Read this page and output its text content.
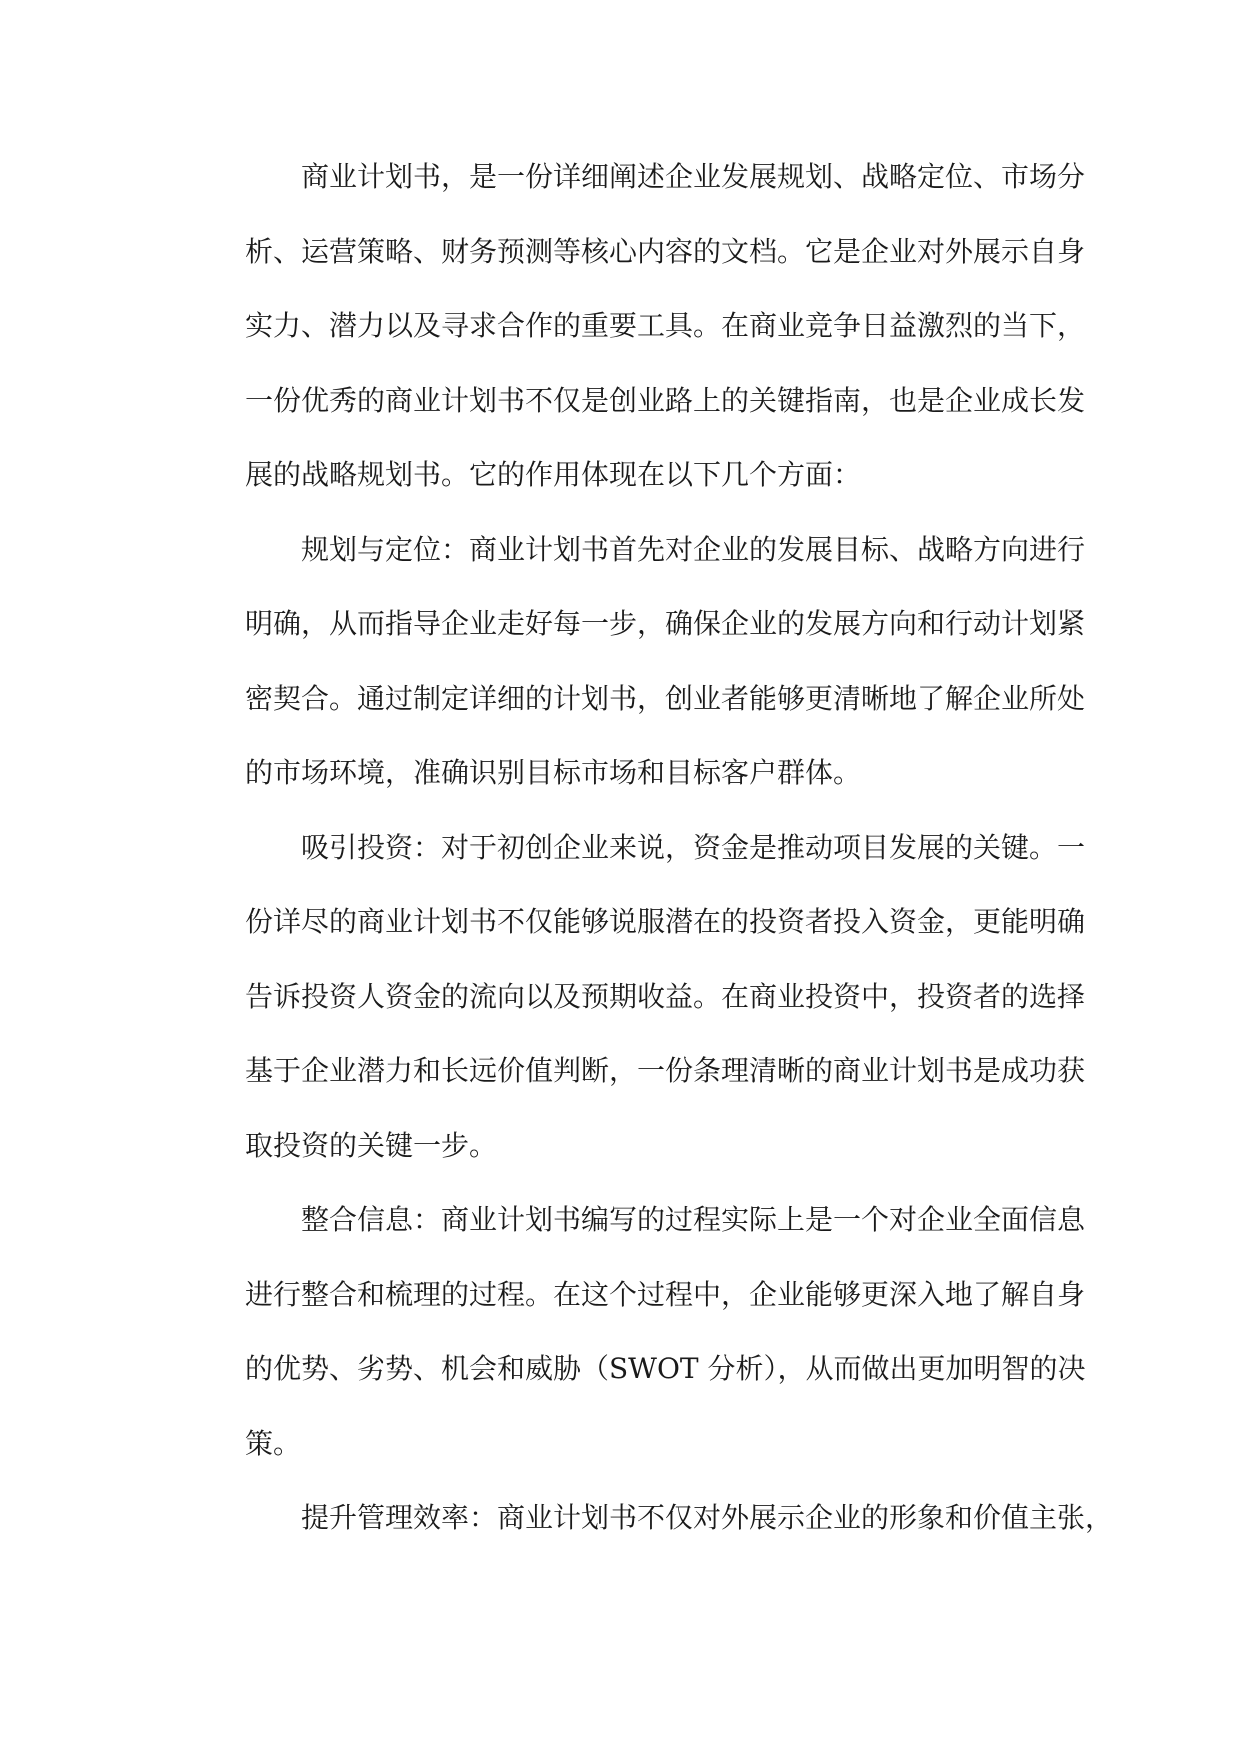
商业计划书，是一份详细阐述企业发展规划、战略定位、市场分
析、运营策略、财务预测等核心内容的文档。它是企业对外展示自身
实力、潜力以及寻求合作的重要工具。在商业竞争日益激烈的当下，
一份优秀的商业计划书不仅是创业路上的关键指南，也是企业成长发
展的战略规划书。它的作用体现在以下几个方面：
规划与定位：商业计划书首先对企业的发展目标、战略方向进行
明确，从而指导企业走好每一步，确保企业的发展方向和行动计划紧
密契合。通过制定详细的计划书，创业者能够更清晰地了解企业所处
的市场环境，准确识别目标市场和目标客户群体。
吸引投资：对于初创企业来说，资金是推动项目发展的关键。一
份详尽的商业计划书不仅能够说服潜在的投资者投入资金，更能明确
告诉投资人资金的流向以及预期收益。在商业投资中，投资者的选择
基于企业潜力和长远价值判断，一份条理清晰的商业计划书是成功获
取投资的关键一步。
整合信息：商业计划书编写的过程实际上是一个对企业全面信息
进行整合和梳理的过程。在这个过程中，企业能够更深入地了解自身
的优势、劣势、机会和威胁（SWOT 分析），从而做出更加明智的决
策。
提升管理效率：商业计划书不仅对外展示企业的形象和价值主张，
